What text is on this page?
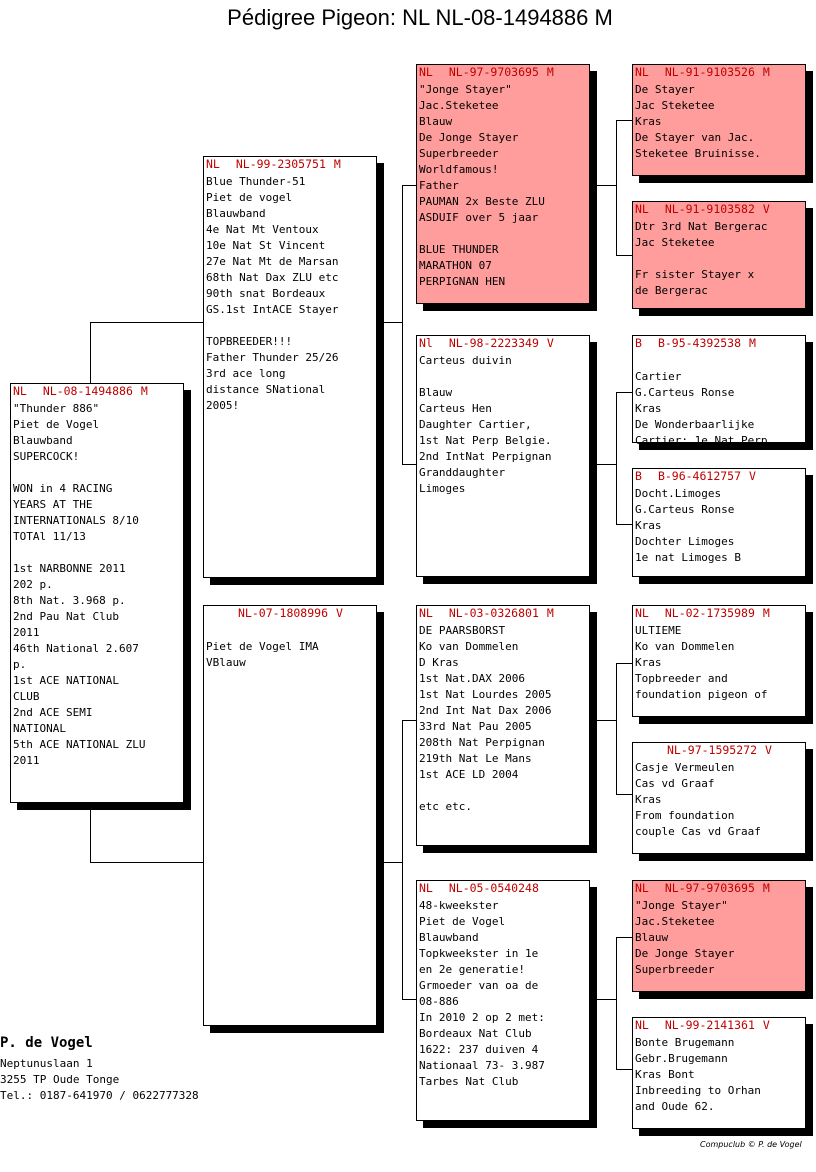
Pédigree Pigeon: NL NL-08-1494886 M
NL NL-08-1494886 M
"Thunder 886"
Piet de Vogel
Blauwband
SUPERCOCK!
WON in 4 RACING
YEARS AT THE
INTERNATIONALS 8/10
TOTAl 11/13
1st NARBONNE 2011
202 p.
8th Nat. 3.968 p.
2nd Pau Nat Club
2011
46th National 2.607
p.
1st ACE NATIONAL
CLUB
2nd ACE SEMI
NATIONAL
5th ACE NATIONAL ZLU
2011
NL NL-99-2305751 M
Blue Thunder-51
Piet de vogel
Blauwband
4e Nat Mt Ventoux
10e Nat St Vincent
27e Nat Mt de Marsan
68th Nat Dax ZLU etc
90th snat Bordeaux
GS.1st IntACE Stayer
TOPBREEDER!!!
Father Thunder 25/26
3rd ace long
distance SNational
2005!
NL-07-1808996 V
Piet de Vogel IMA
VBlauw
NL NL-97-9703695 M
"Jonge Stayer"
Jac.Steketee
Blauw
De Jonge Stayer
Superbreeder
Worldfamous!
Father
PAUMAN 2x Beste ZLU
ASDUIF over 5 jaar
BLUE THUNDER
MARATHON 07
PERPIGNAN HEN
Nl NL-98-2223349 V
Carteus duivin
Blauw
Carteus Hen
Daughter Cartier,
1st Nat Perp Belgie.
2nd IntNat Perpignan
Granddaughter
Limoges
NL NL-03-0326801 M
DE PAARSBORST
Ko van Dommelen
D Kras
1st Nat.DAX 2006
1st Nat Lourdes 2005
2nd Int Nat Dax 2006
33rd Nat Pau 2005
208th Nat Perpignan
219th Nat Le Mans
1st ACE LD 2004
etc etc.
NL NL-05-0540248
48-kweekster
Piet de Vogel
Blauwband
Topkweekster in 1e
en 2e generatie!
Grmoeder van oa de
08-886
In 2010 2 op 2 met:
Bordeaux Nat Club
1622: 237 duiven 4
Nationaal 73- 3.987
Tarbes Nat Club
NL NL-91-9103526 M
De Stayer
Jac Steketee
Kras
De Stayer van Jac.
Steketee Bruinisse.
NL NL-91-9103582 V
Dtr 3rd Nat Bergerac
Jac Steketee
Fr sister Stayer x
de Bergerac
B B-95-4392538 M
Cartier
G.Carteus Ronse
Kras
De Wonderbaarlijke
Cartier: 1e Nat Perp
B B-96-4612757 V
Docht.Limoges
G.Carteus Ronse
Kras
Dochter Limoges
1e nat Limoges B
NL NL-02-1735989 M
ULTIEME
Ko van Dommelen
Kras
Topbreeder and
foundation pigeon of
NL-97-1595272 V
Casje Vermeulen
Cas vd Graaf
Kras
From foundation
couple Cas vd Graaf
NL NL-97-9703695 M
"Jonge Stayer"
Jac.Steketee
Blauw
De Jonge Stayer
Superbreeder
NL NL-99-2141361 V
Bonte Brugemann
Gebr.Brugemann
Kras Bont
Inbreeding to Orhan
and Oude 62.
P. de Vogel
Neptunuslaan 1
3255 TP Oude Tonge
Tel.: 0187-641970 / 0622777328
Compuclub © P. de Vogel
